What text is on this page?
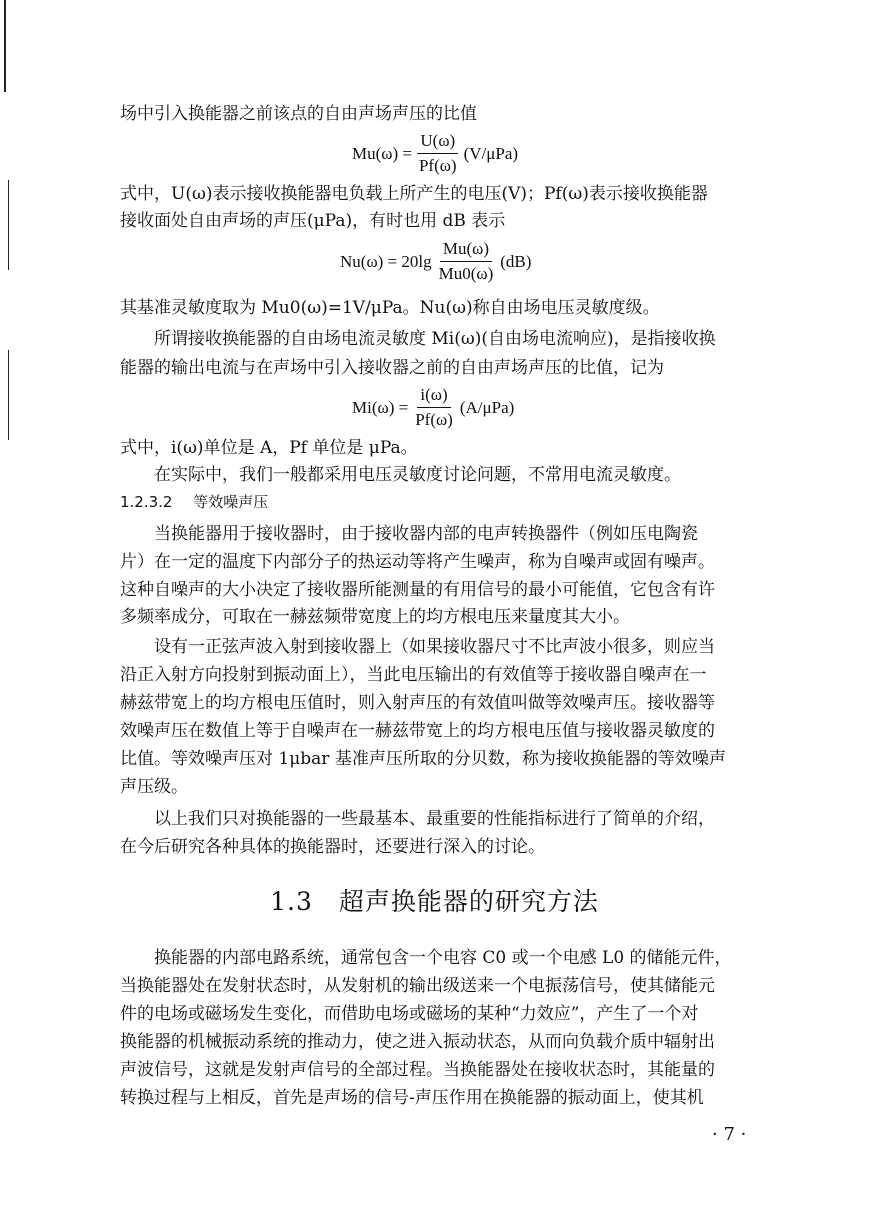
场中引入换能器之前该点的自由声场声压的比值
$Mu(\omega) = \frac{U(\omega)}{Pf(\omega)} (V/\mu Pa)$
式中，U(ω)表示接收换能器电负载上所产生的电压(V)；Pf(ω)表示接收换能器
接收面处自由声场的声压(μPa)，有时也用 dB 表示
$Nu(\omega) = 20\lg \frac{Mu(\omega)}{Mu0(\omega)} (dB)$
其基准灵敏度取为 Mu0(ω)=1V/μPa。Nu(ω)称自由场电压灵敏度级。
所谓接收换能器的自由场电流灵敏度 Mi(ω)(自由场电流响应)，是指接收换
能器的输出电流与在声场中引入接收器之前的自由声场声压的比值，记为
$Mi(\omega) = \frac{i(\omega)}{Pf(\omega)} (A/\mu Pa)$
式中，i(ω)单位是 A，Pf 单位是 μPa。
在实际中，我们一般都采用电压灵敏度讨论问题，不常用电流灵敏度。
1.2.3.2 等效噪声压
当换能器用于接收器时，由于接收器内部的电声转换器件（例如压电陶瓷
片）在一定的温度下内部分子的热运动等将产生噪声，称为自噪声或固有噪声。
这种自噪声的大小决定了接收器所能测量的有用信号的最小可能值，它包含有许
多频率成分，可取在一赫兹频带宽度上的均方根电压来量度其大小。
设有一正弦声波入射到接收器上（如果接收器尺寸不比声波小很多，则应当
沿正入射方向投射到振动面上），当此电压输出的有效值等于接收器自噪声在一
赫兹带宽上的均方根电压值时，则入射声压的有效值叫做等效噪声压。接收器等
效噪声压在数值上等于自噪声在一赫兹带宽上的均方根电压值与接收器灵敏度的
比值。等效噪声压对 1μbar 基准声压所取的分贝数，称为接收换能器的等效噪声
声压级。
以上我们只对换能器的一些最基本、最重要的性能指标进行了简单的介绍，
在今后研究各种具体的换能器时，还要进行深入的讨论。
1.3　超声换能器的研究方法
换能器的内部电路系统，通常包含一个电容 C0 或一个电感 L0 的储能元件，
当换能器处在发射状态时，从发射机的输出级送来一个电振荡信号，使其储能元
件的电场或磁场发生变化，而借助电场或磁场的某种“力效应”，产生了一个对
换能器的机械振动系统的推动力，使之进入振动状态，从而向负载介质中辐射出
声波信号，这就是发射声信号的全部过程。当换能器处在接收状态时，其能量的
转换过程与上相反，首先是声场的信号-声压作用在换能器的振动面上，使其机
· 7 ·
